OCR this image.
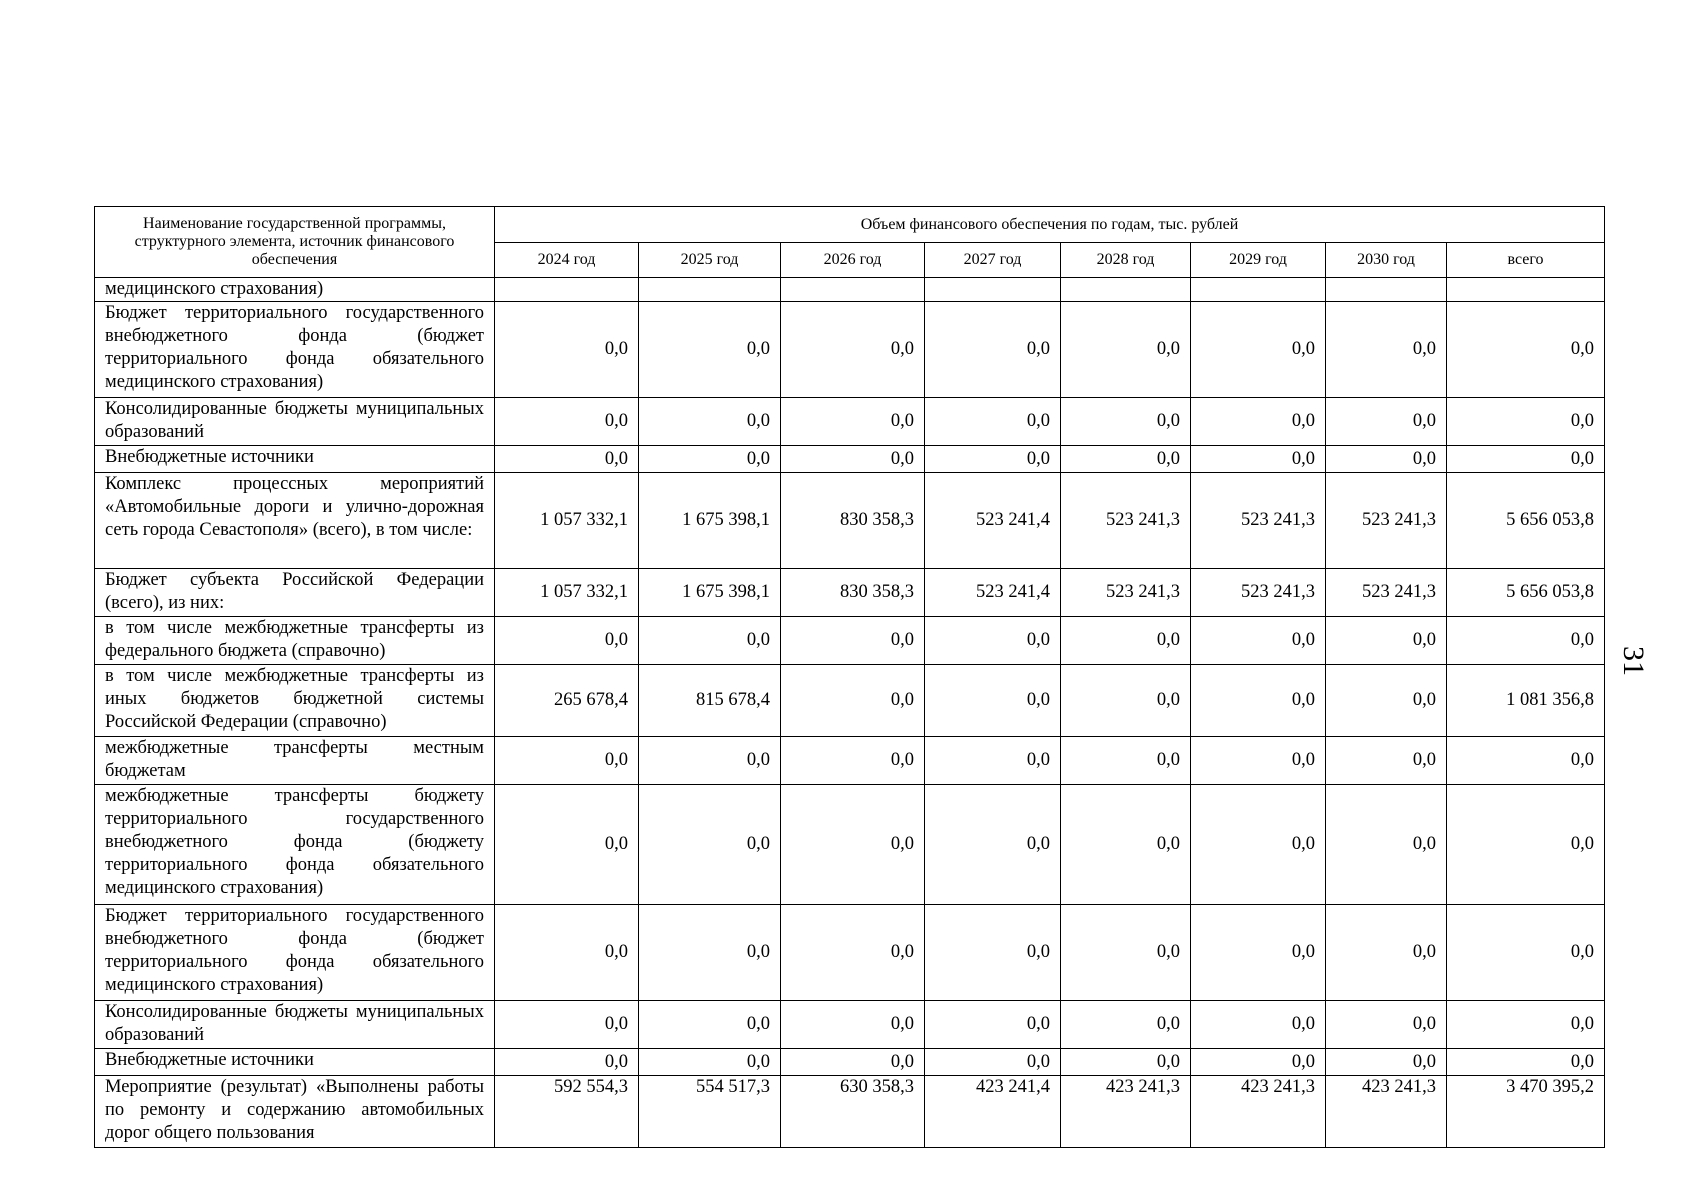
Наименование государственной программы, структурного элемента, источник финансового обеспечения	Объем финансового обеспечения по годам, тыс. рублей							
	2024 год	2025 год	2026 год	2027 год	2028 год	2029 год	2030 год	всего
медицинского страхования)								
Бюджет территориального государственного внебюджетного фонда (бюджет территориального фонда обязательного медицинского страхования)	0,0	0,0	0,0	0,0	0,0	0,0	0,0	0,0
Консолидированные бюджеты муниципальных образований	0,0	0,0	0,0	0,0	0,0	0,0	0,0	0,0
Внебюджетные источники	0,0	0,0	0,0	0,0	0,0	0,0	0,0	0,0
Комплекс процессных мероприятий «Автомобильные дороги и улично-дорожная сеть города Севастополя» (всего), в том числе:	1 057 332,1	1 675 398,1	830 358,3	523 241,4	523 241,3	523 241,3	523 241,3	5 656 053,8
Бюджет субъекта Российской Федерации (всего), из них:	1 057 332,1	1 675 398,1	830 358,3	523 241,4	523 241,3	523 241,3	523 241,3	5 656 053,8
в том числе межбюджетные трансферты из федерального бюджета (справочно)	0,0	0,0	0,0	0,0	0,0	0,0	0,0	0,0
в том числе межбюджетные трансферты из иных бюджетов бюджетной системы Российской Федерации (справочно)	265 678,4	815 678,4	0,0	0,0	0,0	0,0	0,0	1 081 356,8
межбюджетные трансферты местным бюджетам	0,0	0,0	0,0	0,0	0,0	0,0	0,0	0,0
межбюджетные трансферты бюджету территориального государственного внебюджетного фонда (бюджету территориального фонда обязательного медицинского страхования)	0,0	0,0	0,0	0,0	0,0	0,0	0,0	0,0
Бюджет территориального государственного внебюджетного фонда (бюджет территориального фонда обязательного медицинского страхования)	0,0	0,0	0,0	0,0	0,0	0,0	0,0	0,0
Консолидированные бюджеты муниципальных образований	0,0	0,0	0,0	0,0	0,0	0,0	0,0	0,0
Внебюджетные источники	0,0	0,0	0,0	0,0	0,0	0,0	0,0	0,0
Мероприятие (результат) «Выполнены работы по ремонту и содержанию автомобильных дорог общего пользования	592 554,3	554 517,3	630 358,3	423 241,4	423 241,3	423 241,3	423 241,3	3 470 395,2
31
